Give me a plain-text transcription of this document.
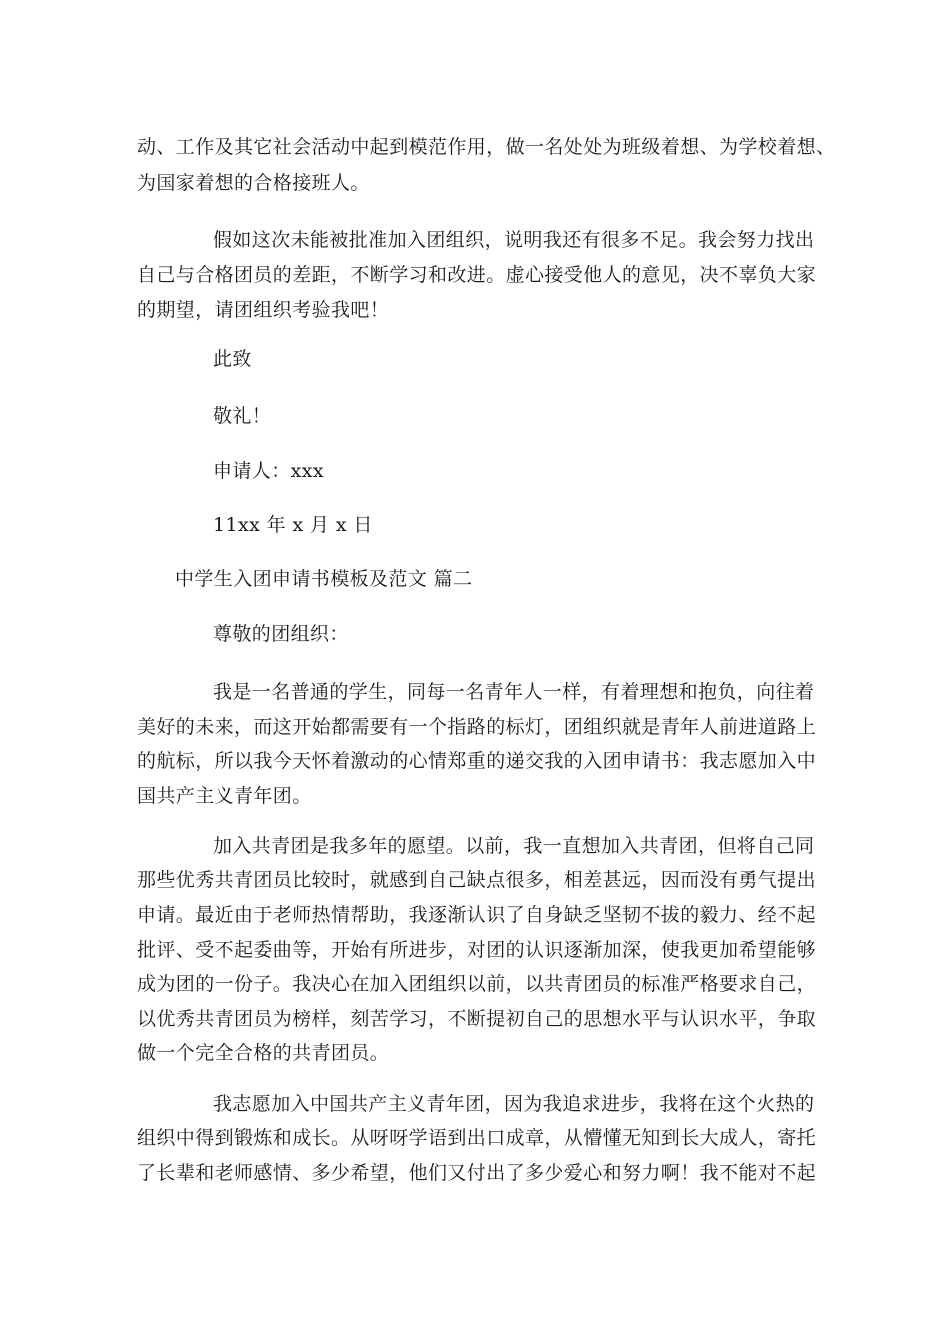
动、工作及其它社会活动中起到模范作用，做一名处处为班级着想、为学校着想、
为国家着想的合格接班人。
假如这次未能被批准加入团组织，说明我还有很多不足。我会努力找出
自己与合格团员的差距，不断学习和改进。虚心接受他人的意见，决不辜负大家
的期望，请团组织考验我吧！
此致
敬礼！
申请人：xxx
11xx 年 x 月 x 日
中学生入团申请书模板及范文 篇二
尊敬的团组织：
我是一名普通的学生，同每一名青年人一样，有着理想和抱负，向往着
美好的未来，而这开始都需要有一个指路的标灯，团组织就是青年人前进道路上
的航标，所以我今天怀着激动的心情郑重的递交我的入团申请书：我志愿加入中
国共产主义青年团。
加入共青团是我多年的愿望。以前，我一直想加入共青团，但将自己同
那些优秀共青团员比较时，就感到自己缺点很多，相差甚远，因而没有勇气提出
申请。最近由于老师热情帮助，我逐渐认识了自身缺乏坚韧不拔的毅力、经不起
批评、受不起委曲等，开始有所进步，对团的认识逐渐加深，使我更加希望能够
成为团的一份子。我决心在加入团组织以前，以共青团员的标准严格要求自己，
以优秀共青团员为榜样，刻苦学习，不断提初自己的思想水平与认识水平，争取
做一个完全合格的共青团员。
我志愿加入中国共产主义青年团，因为我追求进步，我将在这个火热的
组织中得到锻炼和成长。从呀呀学语到出口成章，从懵懂无知到长大成人，寄托
了长辈和老师感情、多少希望，他们又付出了多少爱心和努力啊！我不能对不起
